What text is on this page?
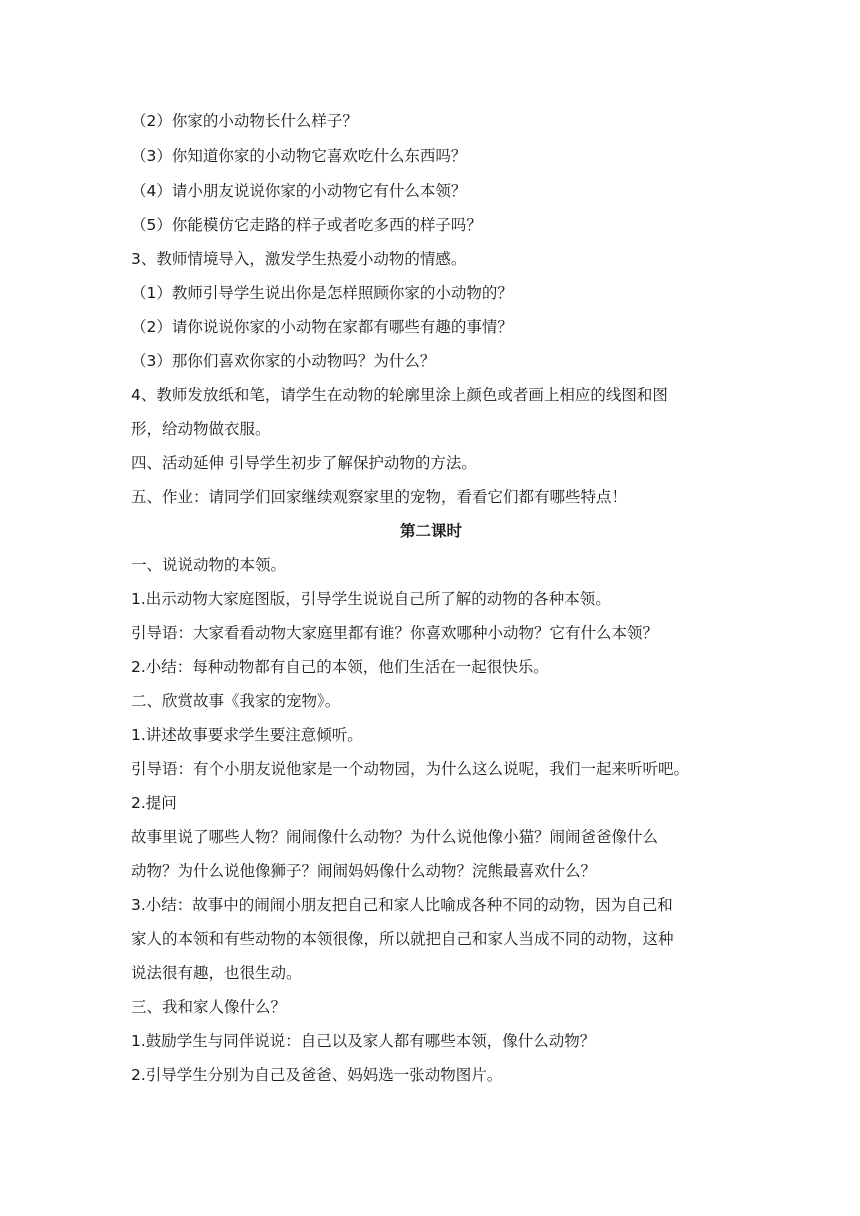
（2）你家的小动物长什么样子？
（3）你知道你家的小动物它喜欢吃什么东西吗？
（4）请小朋友说说你家的小动物它有什么本领？
（5）你能模仿它走路的样子或者吃多西的样子吗？
3、教师情境导入，激发学生热爱小动物的情感。
（1）教师引导学生说出你是怎样照顾你家的小动物的？
（2）请你说说你家的小动物在家都有哪些有趣的事情？
（3）那你们喜欢你家的小动物吗？为什么？
4、教师发放纸和笔，请学生在动物的轮廓里涂上颜色或者画上相应的线图和图
形，给动物做衣服。
四、活动延伸 引导学生初步了解保护动物的方法。
五、作业：请同学们回家继续观察家里的宠物，看看它们都有哪些特点！
第二课时
一、说说动物的本领。
1.出示动物大家庭图版，引导学生说说自己所了解的动物的各种本领。
引导语：大家看看动物大家庭里都有谁？你喜欢哪种小动物？它有什么本领？
2.小结：每种动物都有自己的本领，他们生活在一起很快乐。
二、欣赏故事《我家的宠物》。
1.讲述故事要求学生要注意倾听。
引导语：有个小朋友说他家是一个动物园，为什么这么说呢，我们一起来听听吧。
2.提问
故事里说了哪些人物？闹闹像什么动物？为什么说他像小猫？闹闹爸爸像什么
动物？为什么说他像狮子？闹闹妈妈像什么动物？浣熊最喜欢什么？
3.小结：故事中的闹闹小朋友把自己和家人比喻成各种不同的动物，因为自己和
家人的本领和有些动物的本领很像，所以就把自己和家人当成不同的动物，这种
说法很有趣，也很生动。
三、我和家人像什么？
1.鼓励学生与同伴说说：自己以及家人都有哪些本领，像什么动物？
2.引导学生分别为自己及爸爸、妈妈选一张动物图片。
